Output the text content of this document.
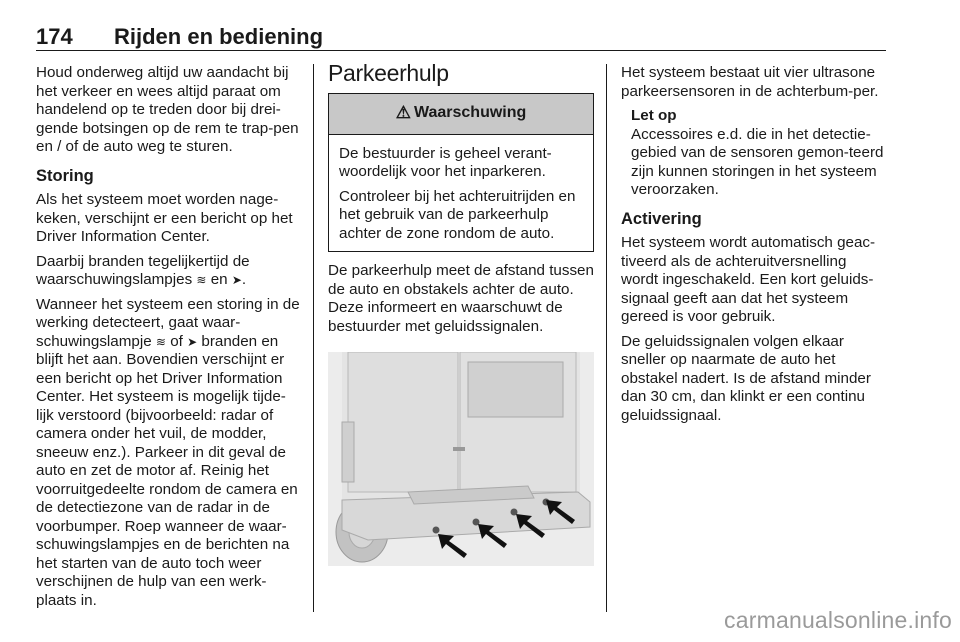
174 Rijden en bediening

Houd onderweg altijd uw aandacht bij het verkeer en wees altijd paraat om handelend op te treden door bij drei-gende botsingen op de rem te trap-pen en / of de auto weg te sturen.

Storing

Als het systeem moet worden nage-keken, verschijnt er een bericht op het Driver Information Center.

Daarbij branden tegelijkertijd de waarschuwingslampjes ≋ en ➤.

Wanneer het systeem een storing in de werking detecteert, gaat waar-schuwingslampje ≋ of ➤ branden en blijft het aan. Bovendien verschijnt er een bericht op het Driver Information Center. Het systeem is mogelijk tijde-lijk verstoord (bijvoorbeeld: radar of camera onder het vuil, de modder, sneeuw enz.). Parkeer in dit geval de auto en zet de motor af. Reinig het voorruitgedeelte rondom de camera en de detectiezone van de radar in de voorbumper. Roep wanneer de waar-schuwingslampjes en de berichten na het starten van de auto toch weer verschijnen de hulp van een werk-plaats in.

Parkeerhulp
⚠ Waarschuwing

De bestuurder is geheel verant-woordelijk voor het inparkeren.

Controleer bij het achteruitrijden en het gebruik van de parkeerhulp achter de zone rondom de auto.

De parkeerhulp meet de afstand tussen de auto en obstakels achter de auto. Deze informeert en waarschuwt de bestuurder met geluidssignalen.

Het systeem bestaat uit vier ultrasone parkeersensoren in de achterbum-per.

Let op
Accessoires e.d. die in het detectie-gebied van de sensoren gemon-teerd zijn kunnen storingen in het systeem veroorzaken.
Activering

Het systeem wordt automatisch geac-tiveerd als de achteruitversnelling wordt ingeschakeld. Een kort geluids-signaal geeft aan dat het systeem gereed is voor gebruik.

De geluidssignalen volgen elkaar sneller op naarmate de auto het obstakel nadert. Is de afstand minder dan 30 cm, dan klinkt er een continu geluidssignaal.

carmanualsonline.info
